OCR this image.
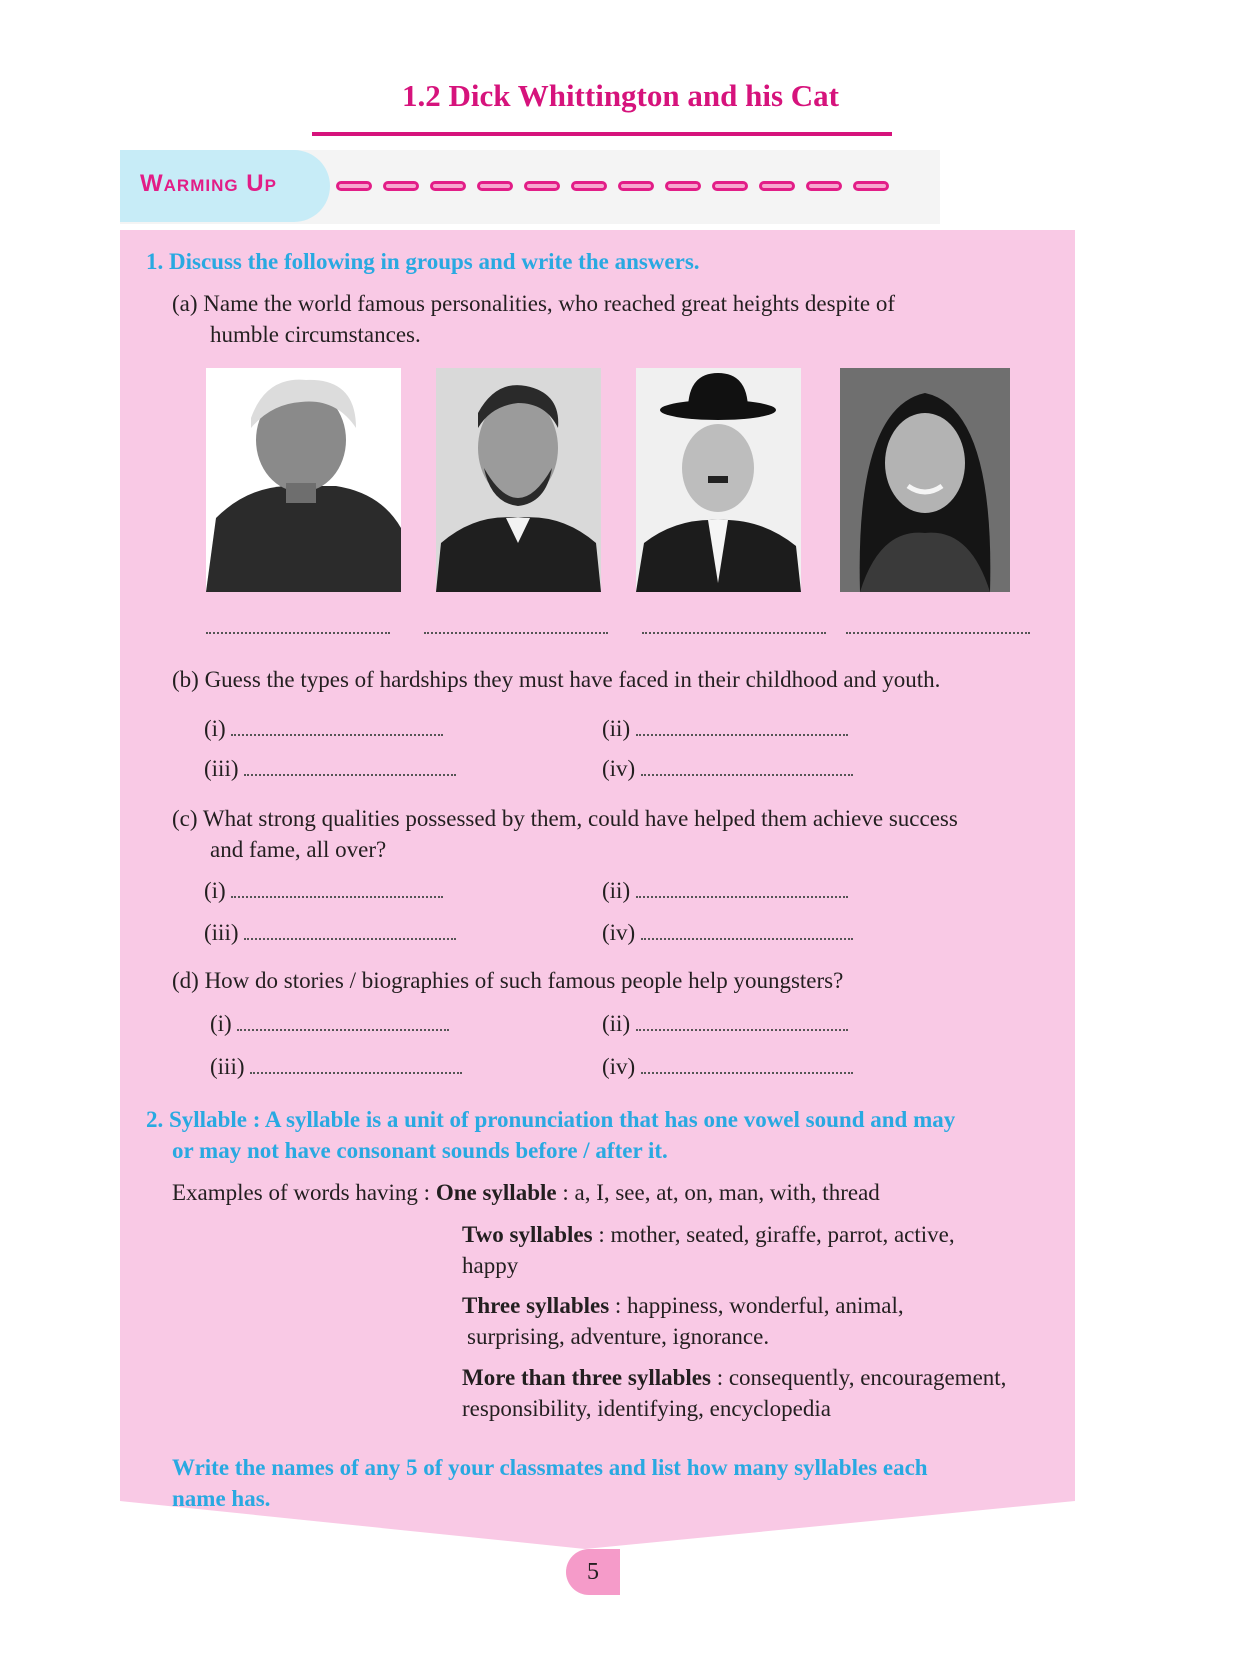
1.2 Dick Whittington and his Cat
Warming Up
1. Discuss the following in groups and write the answers.
(a) Name the world famous personalities, who reached great heights despite of
humble circumstances.
(b) Guess the types of hardships they must have faced in their childhood and youth.
(i)	(ii)
(iii)	(iv)
(c) What strong qualities possessed by them, could have helped them achieve success
and fame, all over?
(i)	(ii)
(iii)	(iv)
(d) How do stories / biographies of such famous people help youngsters?
(i)	(ii)
(iii)	(iv)
2. Syllable : A syllable is a unit of pronunciation that has one vowel sound and may
or may not have consonant sounds before / after it.
Examples of words having : One syllable : a, I, see, at, on, man, with, thread
Two syllables : mother, seated, giraffe, parrot, active,
happy
Three syllables : happiness, wonderful, animal,
surprising, adventure, ignorance.
More than three syllables : consequently, encouragement,
responsibility, identifying, encyclopedia
Write the names of any 5 of your classmates and list how many syllables each
name has.
5
